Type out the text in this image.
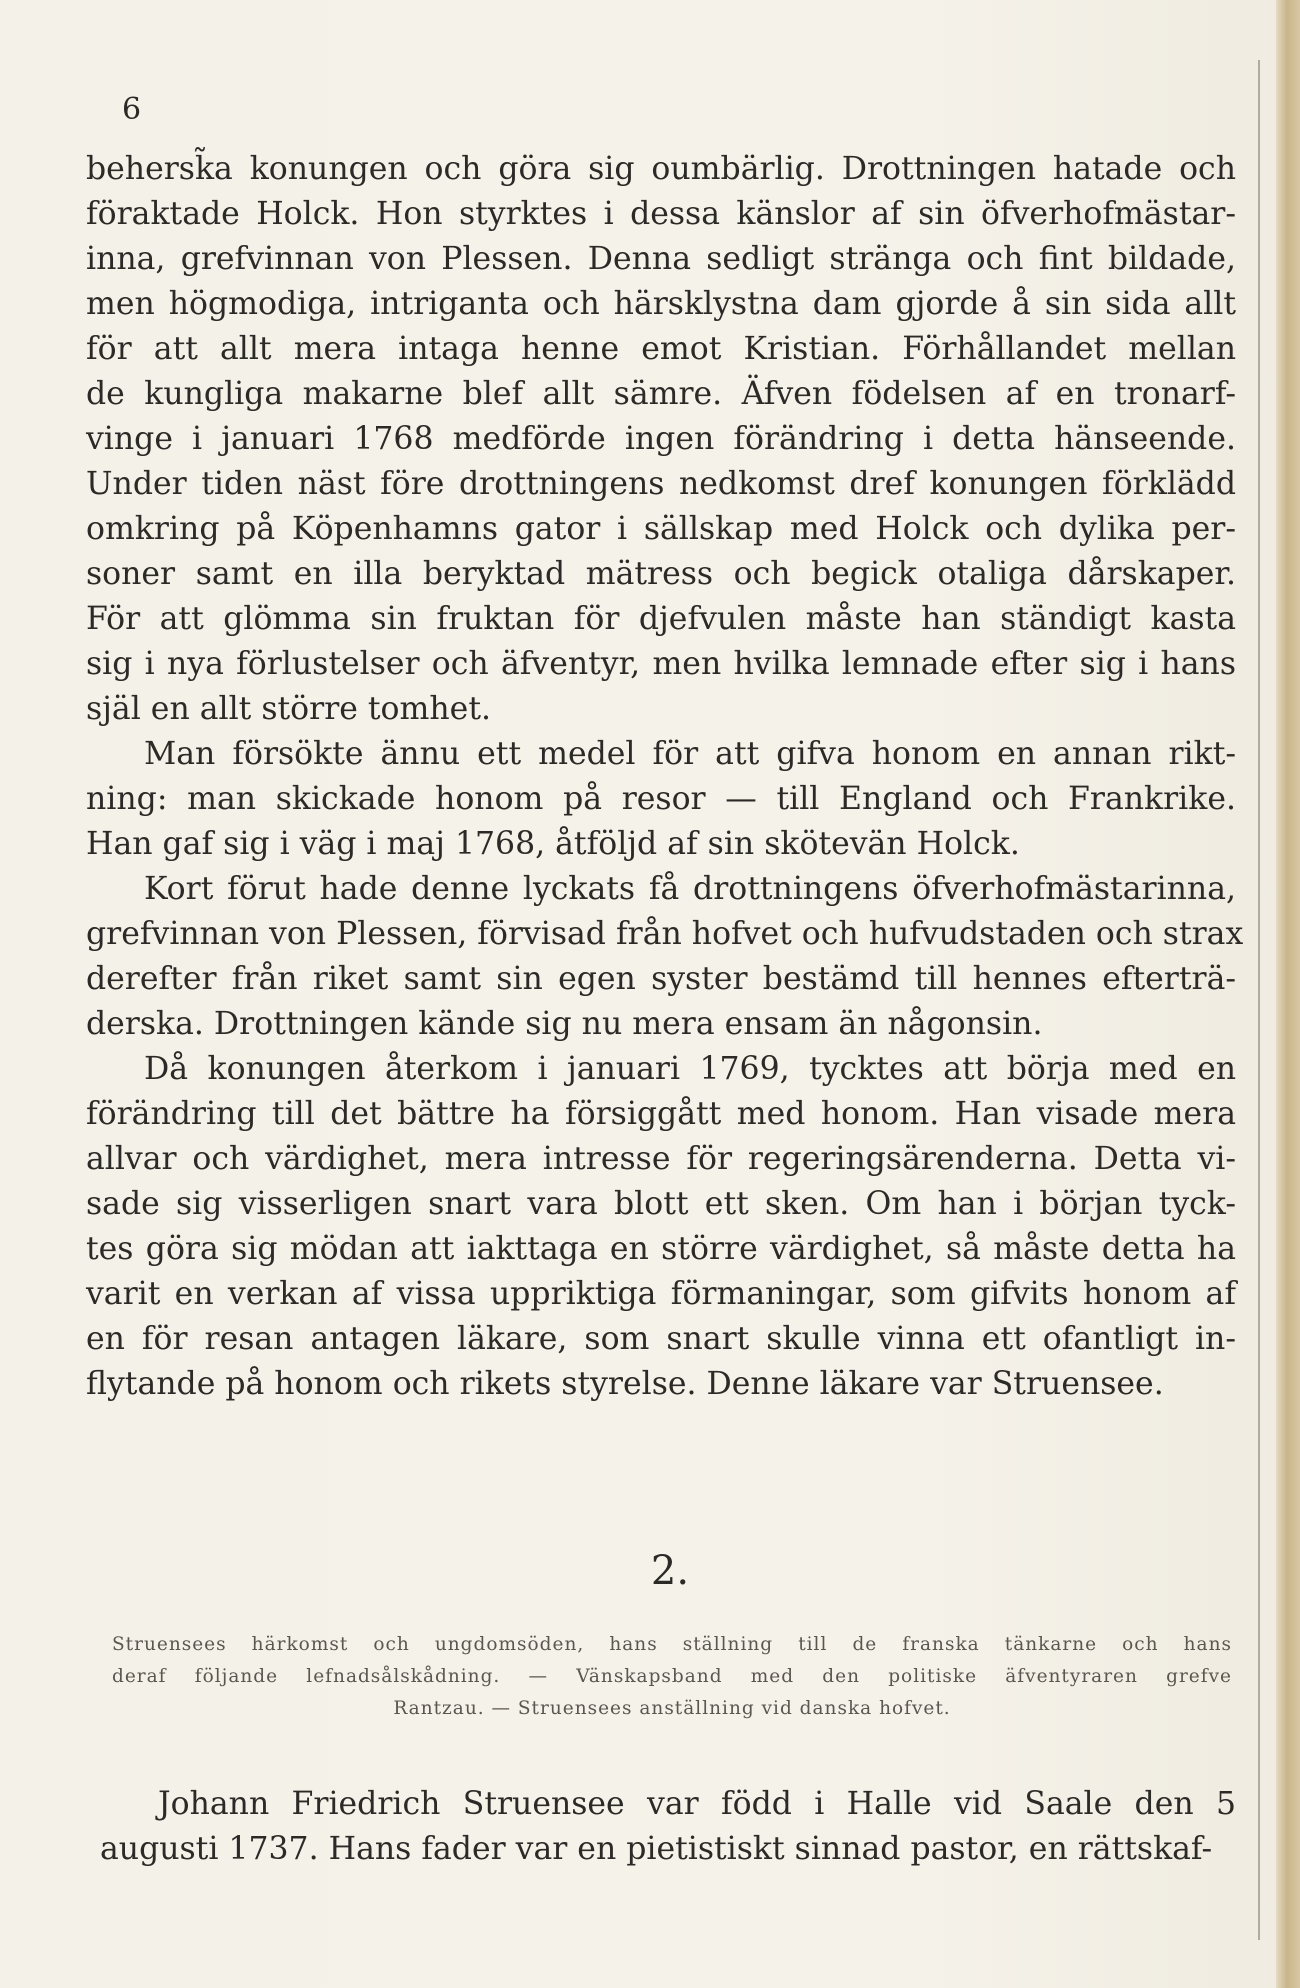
6
behersk̃a konungen och göra sig oumbärlig. Drottningen hatade och
föraktade Holck. Hon styrktes i dessa känslor af sin öfverhofmästar-
inna, grefvinnan von Plessen. Denna sedligt stränga och fint bildade,
men högmodiga, intriganta och härsklystna dam gjorde å sin sida allt
för att allt mera intaga henne emot Kristian. Förhållandet mellan
de kungliga makarne blef allt sämre. Äfven födelsen af en tronarf-
vinge i januari 1768 medförde ingen förändring i detta hänseende.
Under tiden näst före drottningens nedkomst dref konungen förklädd
omkring på Köpenhamns gator i sällskap med Holck och dylika per-
soner samt en illa beryktad mätress och begick otaliga dårskaper.
För att glömma sin fruktan för djefvulen måste han ständigt kasta
sig i nya förlustelser och äfventyr, men hvilka lemnade efter sig i hans
själ en allt större tomhet.
Man försökte ännu ett medel för att gifva honom en annan rikt-
ning: man skickade honom på resor — till England och Frankrike.
Han gaf sig i väg i maj 1768, åtföljd af sin skötevän Holck.
Kort förut hade denne lyckats få drottningens öfverhofmästarinna,
grefvinnan von Plessen, förvisad från hofvet och hufvudstaden och strax
derefter från riket samt sin egen syster bestämd till hennes efterträ-
derska. Drottningen kände sig nu mera ensam än någonsin.
Då konungen återkom i januari 1769, tycktes att börja med en
förändring till det bättre ha försiggått med honom. Han visade mera
allvar och värdighet, mera intresse för regeringsärenderna. Detta vi-
sade sig visserligen snart vara blott ett sken. Om han i början tyck-
tes göra sig mödan att iakttaga en större värdighet, så måste detta ha
varit en verkan af vissa uppriktiga förmaningar, som gifvits honom af
en för resan antagen läkare, som snart skulle vinna ett ofantligt in-
flytande på honom och rikets styrelse. Denne läkare var Struensee.
2.
Struensees härkomst och ungdomsöden, hans ställning till de franska tänkarne och hans
deraf följande lefnadsålskådning. — Vänskapsband med den politiske äfventyraren grefve
Rantzau. — Struensees anställning vid danska hofvet.
Johann Friedrich Struensee var född i Halle vid Saale den 5
augusti 1737. Hans fader var en pietistiskt sinnad pastor, en rättskaf-
